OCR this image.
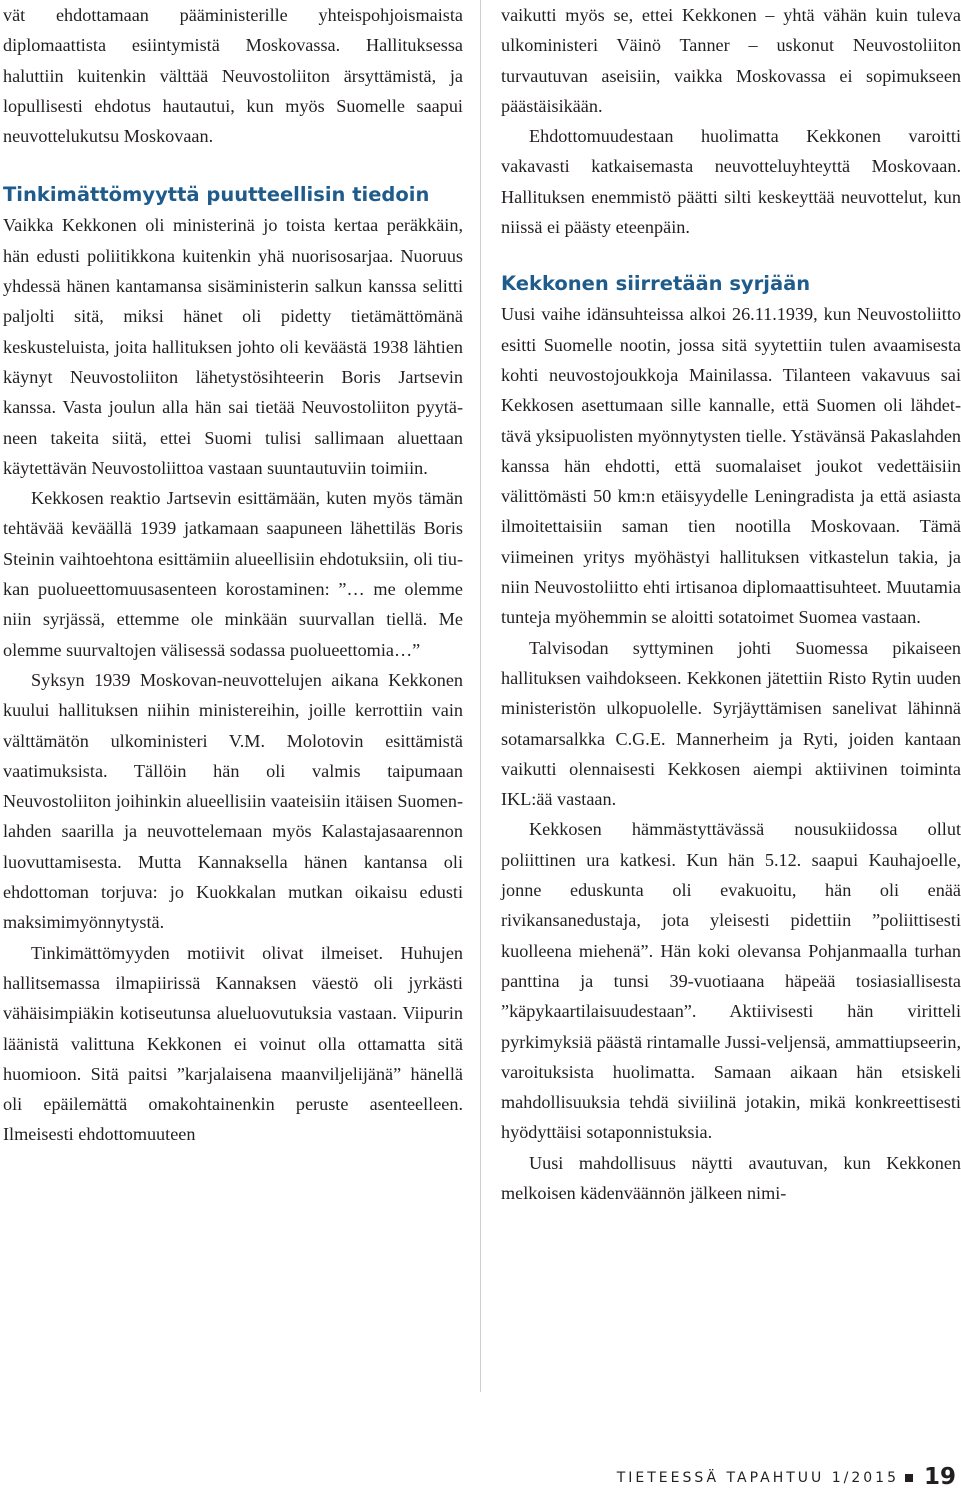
vät ehdottamaan pääministerille yhteispohjoismaista diplomaattista esiintymistä Moskovassa. Hallituksessa haluttiin kuitenkin välttää Neuvostoliiton ärsyttämistä, ja lopullisesti ehdotus hautautui, kun myös Suomelle saapui neuvottelukutsu Moskovaan.

Tinkimättömyyttä puutteellisin tiedoin

Vaikka Kekkonen oli ministerinä jo toista kertaa peräkkäin, hän edusti poliitikkona kuitenkin yhä nuorisosarjaa. Nuoruus yhdessä hänen kantamansa sisäministerin salkun kanssa selitti paljolti sitä, miksi hänet oli pidetty tietämättömänä keskusteluista, joita hallituksen johto oli keväästä 1938 lähtien käynyt Neuvostoliiton lähetystösihteerin Boris Jartsevin kanssa. Vasta joulun alla hän sai tietää Neuvostoliiton pyytäneen takeita siitä, ettei Suomi tulisi sallimaan aluettaan käytettävän Neuvostoliittoa vastaan suuntautuviin toimiin.

Kekkosen reaktio Jartsevin esittämään, kuten myös tämän tehtävää keväällä 1939 jatkamaan saapuneen lähettiläs Boris Steinin vaihtoehtona esittämiin alueellisiin ehdotuksiin, oli tiukan puolueettomuusasenteen korostaminen: ”… me olemme niin syrjässä, ettemme ole minkään suurvallan tiellä. Me olemme suurvaltojen välisessä sodassa puolueettomia…”

Syksyn 1939 Moskovan-neuvottelujen aikana Kekkonen kuului hallituksen niihin ministereihin, joille kerrottiin vain välttämätön ulkoministeri V.M. Molotovin esittämistä vaatimuksista. Tällöin hän oli valmis taipumaan Neuvostoliiton joihinkin alueellisiin vaateisiin itäisen Suomenlahden saarilla ja neuvottelemaan myös Kalastajasaarennon luovuttamisesta. Mutta Kannaksella hänen kantansa oli ehdottoman torjuva: jo Kuokkalan mutkan oikaisu edusti maksimimyönnytystä.

Tinkimättömyyden motiivit olivat ilmeiset. Huhujen hallitsemassa ilmapiirissä Kannaksen väestö oli jyrkästi vähäisimpiäkin kotiseutunsa alueluovutuksia vastaan. Viipurin läänistä valittuna Kekkonen ei voinut olla ottamatta sitä huomioon. Sitä paitsi ”karjalaisena maanviljelijänä” hänellä oli epäilemättä omakohtainenkin peruste asenteelleen. Ilmeisesti ehdottomuuteen

vaikutti myös se, ettei Kekkonen – yhtä vähän kuin tuleva ulkoministeri Väinö Tanner – uskonut Neuvostoliiton turvautuvan aseisiin, vaikka Moskovassa ei sopimukseen päästäisikään.

Ehdottomuudestaan huolimatta Kekkonen varoitti vakavasti katkaisemasta neuvotteluyhteyttä Moskovaan. Hallituksen enemmistö päätti silti keskeyttää neuvottelut, kun niissä ei päästy eteenpäin.

Kekkonen siirretään syrjään

Uusi vaihe idänsuhteissa alkoi 26.11.1939, kun Neuvostoliitto esitti Suomelle nootin, jossa sitä syytettiin tulen avaamisesta kohti neuvostojoukkoja Mainilassa. Tilanteen vakavuus sai Kekkosen asettumaan sille kannalle, että Suomen oli lähdettävä yksipuolisten myönnytysten tielle. Ystävänsä Pakaslahden kanssa hän ehdotti, että suomalaiset joukot vedettäisiin välittömästi 50 km:n etäisyydelle Leningradista ja että asiasta ilmoitettaisiin saman tien nootilla Moskovaan. Tämä viimeinen yritys myöhästyi hallituksen vitkastelun takia, ja niin Neuvostoliitto ehti irtisanoa diplomaattisuhteet. Muutamia tunteja myöhemmin se aloitti sotatoimet Suomea vastaan.

Talvisodan syttyminen johti Suomessa pikaiseen hallituksen vaihdokseen. Kekkonen jätettiin Risto Rytin uuden ministeristön ulkopuolelle. Syrjäyttämisen sanelivat lähinnä sotamarsalkka C.G.E. Mannerheim ja Ryti, joiden kantaan vaikutti olennaisesti Kekkosen aiempi aktiivinen toiminta IKL:ää vastaan.

Kekkosen hämmästyttävässä nousukiidossa ollut poliittinen ura katkesi. Kun hän 5.12. saapui Kauhajoelle, jonne eduskunta oli evakuoitu, hän oli enää rivikansanedustaja, jota yleisesti pidettiin ”poliittisesti kuolleena miehenä”. Hän koki olevansa Pohjanmaalla turhan panttina ja tunsi 39-vuotiaana häpeää tosiasiallisesta ”käpykaartilaisuudestaan”. Aktiivisesti hän viritteli pyrkimyksiä päästä rintamalle Jussi-veljensä, ammattiupseerin, varoituksista huolimatta. Samaan aikaan hän etsiskeli mahdollisuuksia tehdä siviilinä jotakin, mikä konkreettisesti hyödyttäisi sotaponnistuksia.

Uusi mahdollisuus näytti avautuvan, kun Kekkonen melkoisen kädenväännön jälkeen nimi-

TIETEESSÄ TAPAHTUU 1/2015 19
